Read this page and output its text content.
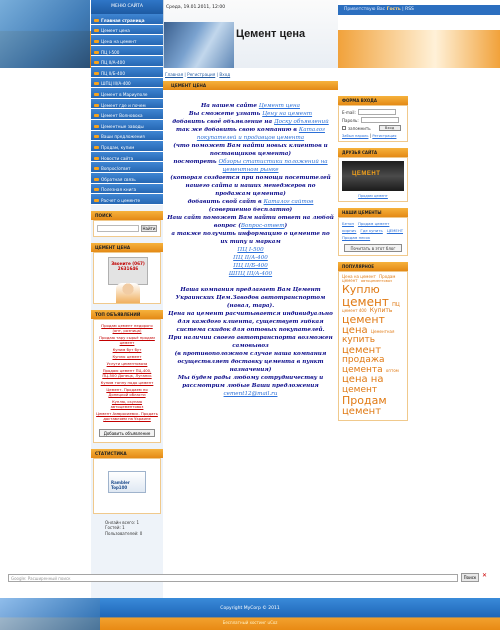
Цемент цена
Среда, 19.01.2011, 12:00	Приветствую Вас Гость | RSS
МЕНЮ САЙТА
Главная страница
Цемент цена
Цена на цемент
ПЦ I-500
ПЦ II/А-400
ПЦ II/Б-400
ШПЦ III/А-400
Цемент в Мариуполе
Цемент где и почем
Цемент Волновоха
Цементные заводы
Ваши предложения
Продам, купим
Новости сайта
Вопрос/ответ
Обратная связь
Полезная книга
Расчет о цементе
ПОИСК
Найти
ЦЕМЕНТ ЦЕНА
Звоните (067) 2631646
ТОП ОБЪЯВЛЕНИЙ
Продам цемент недорого (опт, розница)
Продаю тару сырьё продам цемент
Купим бут бут
Куплю цемент
Услуги цементовоза
Продаю цемент ПЦ-400, ПЦ-500 Донецк, Луганск
Купим тонну подо цемент
Цемент. Продаем по Донецкой области
Куплю, скупаю автоцементовоз
Цемент Амвросиевск. Продать доставляем на Украине
Добавить объявление
СТАТИСТИКА
Rambler Top100
Онлайн всего: 1
Гостей: 1
Пользователей: 0
Главная | Регистрация | Вход
ЦЕМЕНТ ЦЕНА

На нашем сайте Цемент цена

Вы сможете узнать Цену на цемент

добавить своё объявление на Доску объявлений

так же добавить свою компанию в Каталог покупателей и продавцов цемента

(что поможет Вам найти новых клиентов и поставщиков цемента)

посмотреть Обзоры статистики положений на цементном рынке

(которая создается при помощи посетителей нашего сайта и наших менеджеров по продажам цемента)

добавить свой сайт в Каталог сайтов (совершенно бесплатно)

Наш сайт поможет Вам найти ответ на любой вопрос (Вопрос-ответ)

а также получить информацию о цементе по их типу и маркам

ПЦ I-500

ПЦ II/А-400

ПЦ II/Б-400

ШПЦ III/А-400

Наша компания предлагает Вам Цемент Украинских Цем.Заводов автотранспортом (навал, тара).

Цена на цемент расчитывается индивидуально для каждого клиента, существует гибкая система скидок для оптовых покупателей.

При наличии своего автотранспорта возможен самовывоз

(в противоположном случае наша компания осуществляет доставку цемента в пункт назначения)

Мы будем рады любому сотрудничеству и рассмотрим любые Ваши предложения

cement12@mail.ru

ФОРМА ВХОДА
E-mail:
Пароль:
запомнить	Вход
Забыл пароль | Регистрация
ДРУЗЬЯ САЙТА
ЦЕМЕНТ
Продам цемент
НАШИ ЦЕМЕНТЫ
Бетон Продам цемент
кирпич Где купить ЦЕМЕНТ
Продам песок
Почитать в этот блог
ПОПУЛЯРНОЕ
Цена на цемент Продам цемент автоцементовоз Куплю цемент ПЦ цемент 400 Купить цемент цена Цементная купить цемент продажа цемента оптом цена на цемент Продам цемент
Google: Расширенный поиск	Поиск ✕
Copyright MyCorp © 2011
Бесплатный хостинг uCoz
